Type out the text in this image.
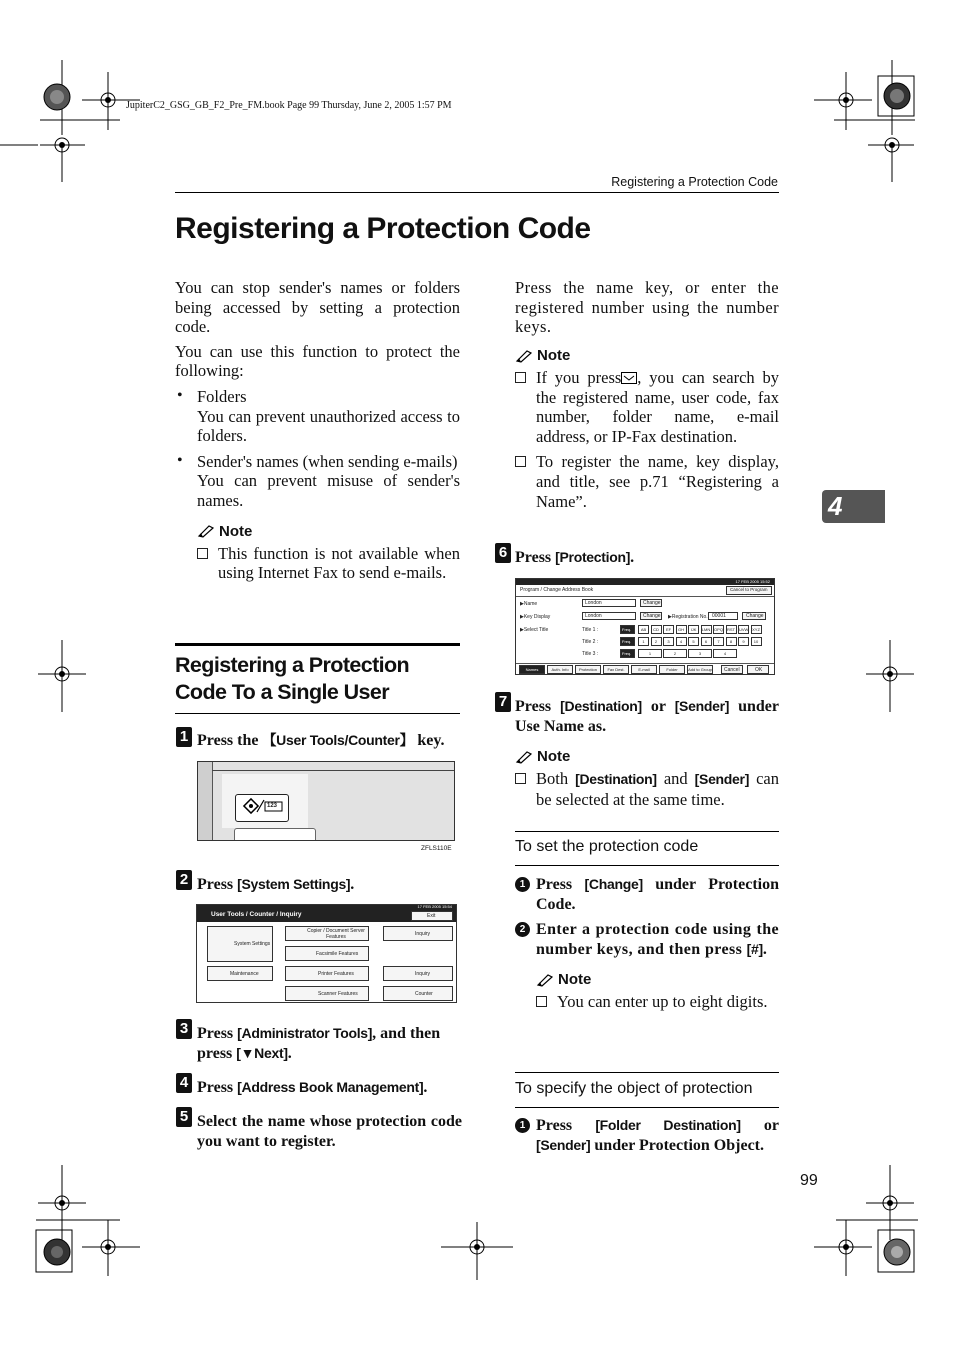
JupiterC2_GSG_GB_F2_Pre_FM.book Page 99 Thursday, June 2, 2005 1:57 PM
Registering a Protection Code
Registering a Protection Code
4

You can stop sender's names or folders being accessed by setting a protection code.

You can use this function to protect the following:

• Folders

You can prevent unauthorized access to folders.

• Sender's names (when sending e-mails)

You can prevent misuse of sender's names.

Note

This function is not available when using Internet Fax to send e-mails.

Registering a Protection Code To a Single User
1 Press the 【User Tools/Counter】 key.
123
ZFLS110E
2 Press [System Settings].
17 FEB 2005 15:54
User Tools / Counter / Inquiry	Exit
System Settings
Copier / Document Server Features	Inquiry
Facsimile Features
Maintenance	Printer Features	Inquiry
Scanner Features	Counter
3 Press [Administrator Tools], and then press [▼Next].
4 Press [Address Book Management].
5 Select the name whose protection code you want to register.

Press the name key, or enter the registered number using the number keys.

Note

If you press , you can search by the registered name, user code, fax number, folder name, e-mail address, or IP-Fax destination.

To register the name, key display, and title, see p.71 “Registering a Name”.

6 Press [Protection].
17 FEB 2005 15:52
Program / Change Address Book	Cancel to Program
▶Name	London	Change
▶Key Display	London	Change ▶Registration No. 00001	Change
▶Select Title	Title 1 :
Title 2 :
Title 3 :
Freq.	AB	CD	EF	GH	IJK	LMN OPQ RST UVW XYZ
Freq.	1	2	3	4	5	6	7	8	9	10
Freq.	1	2	3	4
Names	Auth. Info	Protection	Fax Dest.	E-mail	Folder	Add to Group Cancel	OK
7 Press [Destination] or [Sender] under Use Name as.
Note

Both [Destination] and [Sender] can be selected at the same time.

To set the protection code
1 Press [Change] under Protection Code.

2 Enter a protection code using the number keys, and then press [#].

Note

You can enter up to eight digits.

To specify the object of protection
1 Press [Folder Destination] or [Sender] under Protection Object.

99
